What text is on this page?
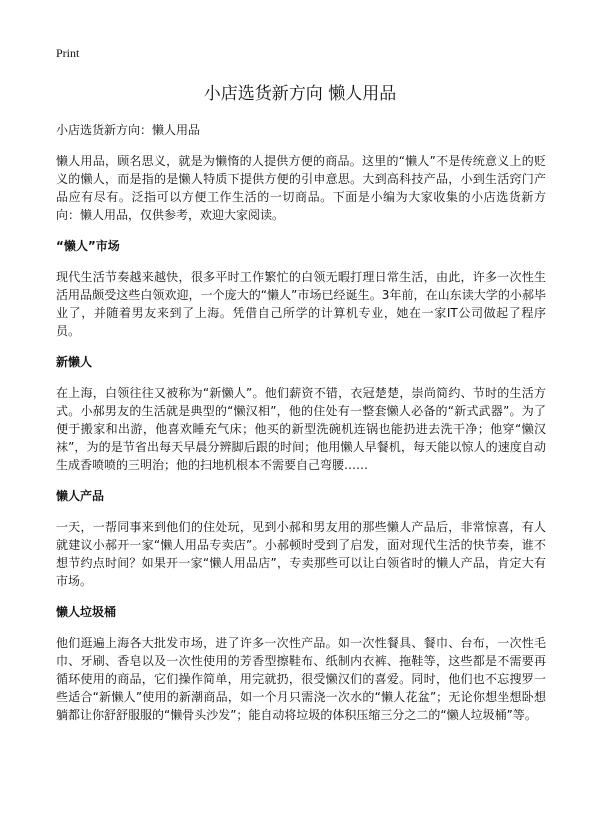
Print
小店选货新方向 懒人用品

小店选货新方向：懒人用品

懒人用品，顾名思义，就是为懒惰的人提供方便的商品。这里的“懒人”不是传统意义上的贬义的懒人，而是指的是懒人特质下提供方便的引申意思。大到高科技产品，小到生活窍门产品应有尽有。泛指可以方便工作生活的一切商品。下面是小编为大家收集的小店选货新方向：懒人用品，仅供参考，欢迎大家阅读。

“懒人”市场

现代生活节奏越来越快，很多平时工作繁忙的白领无暇打理日常生活，由此，许多一次性生活用品颇受这些白领欢迎，一个庞大的“懒人”市场已经诞生。3年前，在山东读大学的小郝毕业了，并随着男友来到了上海。凭借自己所学的计算机专业，她在一家IT公司做起了程序员。

新懒人

在上海，白领往往又被称为“新懒人”。他们薪资不错，衣冠楚楚，崇尚简约、节时的生活方式。小郝男友的生活就是典型的“懒汉相”，他的住处有一整套懒人必备的“新式武器”。为了便于搬家和出游，他喜欢睡充气床；他买的新型洗碗机连锅也能扔进去洗干净；他穿“懒汉袜”，为的是节省出每天早晨分辨脚后跟的时间；他用懒人早餐机，每天能以惊人的速度自动生成香喷喷的三明治；他的扫地机根本不需要自己弯腰……

懒人产品

一天，一帮同事来到他们的住处玩，见到小郝和男友用的那些懒人产品后，非常惊喜，有人就建议小郝开一家“懒人用品专卖店”。小郝顿时受到了启发，面对现代生活的快节奏，谁不想节约点时间？如果开一家“懒人用品店”，专卖那些可以让白领省时的懒人产品，肯定大有市场。

懒人垃圾桶

他们逛遍上海各大批发市场，进了许多一次性产品。如一次性餐具、餐巾、台布，一次性毛巾、牙刷、香皂以及一次性使用的芳香型擦鞋布、纸制内衣裤、拖鞋等，这些都是不需要再循环使用的商品，它们操作简单，用完就扔，很受懒汉们的喜爱。同时，他们也不忘搜罗一些适合“新懒人”使用的新潮商品，如一个月只需浇一次水的“懒人花盆”；无论你想坐想卧想躺都让你舒舒服服的“懒骨头沙发”；能自动将垃圾的体积压缩三分之二的“懒人垃圾桶”等。
